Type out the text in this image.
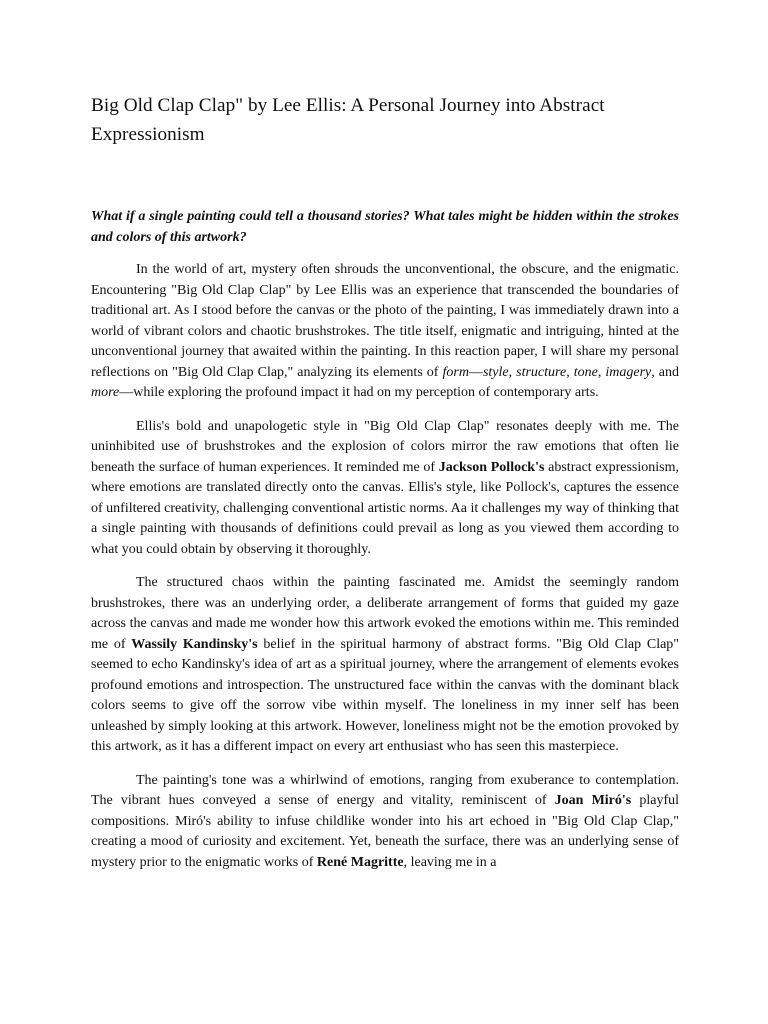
Big Old Clap Clap" by Lee Ellis: A Personal Journey into Abstract Expressionism

What if a single painting could tell a thousand stories? What tales might be hidden within the strokes and colors of this artwork?

In the world of art, mystery often shrouds the unconventional, the obscure, and the enigmatic. Encountering "Big Old Clap Clap" by Lee Ellis was an experience that transcended the boundaries of traditional art. As I stood before the canvas or the photo of the painting, I was immediately drawn into a world of vibrant colors and chaotic brushstrokes. The title itself, enigmatic and intriguing, hinted at the unconventional journey that awaited within the painting. In this reaction paper, I will share my personal reflections on "Big Old Clap Clap," analyzing its elements of form—style, structure, tone, imagery, and more—while exploring the profound impact it had on my perception of contemporary arts.

Ellis's bold and unapologetic style in "Big Old Clap Clap" resonates deeply with me. The uninhibited use of brushstrokes and the explosion of colors mirror the raw emotions that often lie beneath the surface of human experiences. It reminded me of Jackson Pollock's abstract expressionism, where emotions are translated directly onto the canvas. Ellis's style, like Pollock's, captures the essence of unfiltered creativity, challenging conventional artistic norms. Aa it challenges my way of thinking that a single painting with thousands of definitions could prevail as long as you viewed them according to what you could obtain by observing it thoroughly.

The structured chaos within the painting fascinated me. Amidst the seemingly random brushstrokes, there was an underlying order, a deliberate arrangement of forms that guided my gaze across the canvas and made me wonder how this artwork evoked the emotions within me. This reminded me of Wassily Kandinsky's belief in the spiritual harmony of abstract forms. "Big Old Clap Clap" seemed to echo Kandinsky's idea of art as a spiritual journey, where the arrangement of elements evokes profound emotions and introspection. The unstructured face within the canvas with the dominant black colors seems to give off the sorrow vibe within myself. The loneliness in my inner self has been unleashed by simply looking at this artwork. However, loneliness might not be the emotion provoked by this artwork, as it has a different impact on every art enthusiast who has seen this masterpiece.

The painting's tone was a whirlwind of emotions, ranging from exuberance to contemplation. The vibrant hues conveyed a sense of energy and vitality, reminiscent of Joan Miró's playful compositions. Miró's ability to infuse childlike wonder into his art echoed in "Big Old Clap Clap," creating a mood of curiosity and excitement. Yet, beneath the surface, there was an underlying sense of mystery prior to the enigmatic works of René Magritte, leaving me in a
